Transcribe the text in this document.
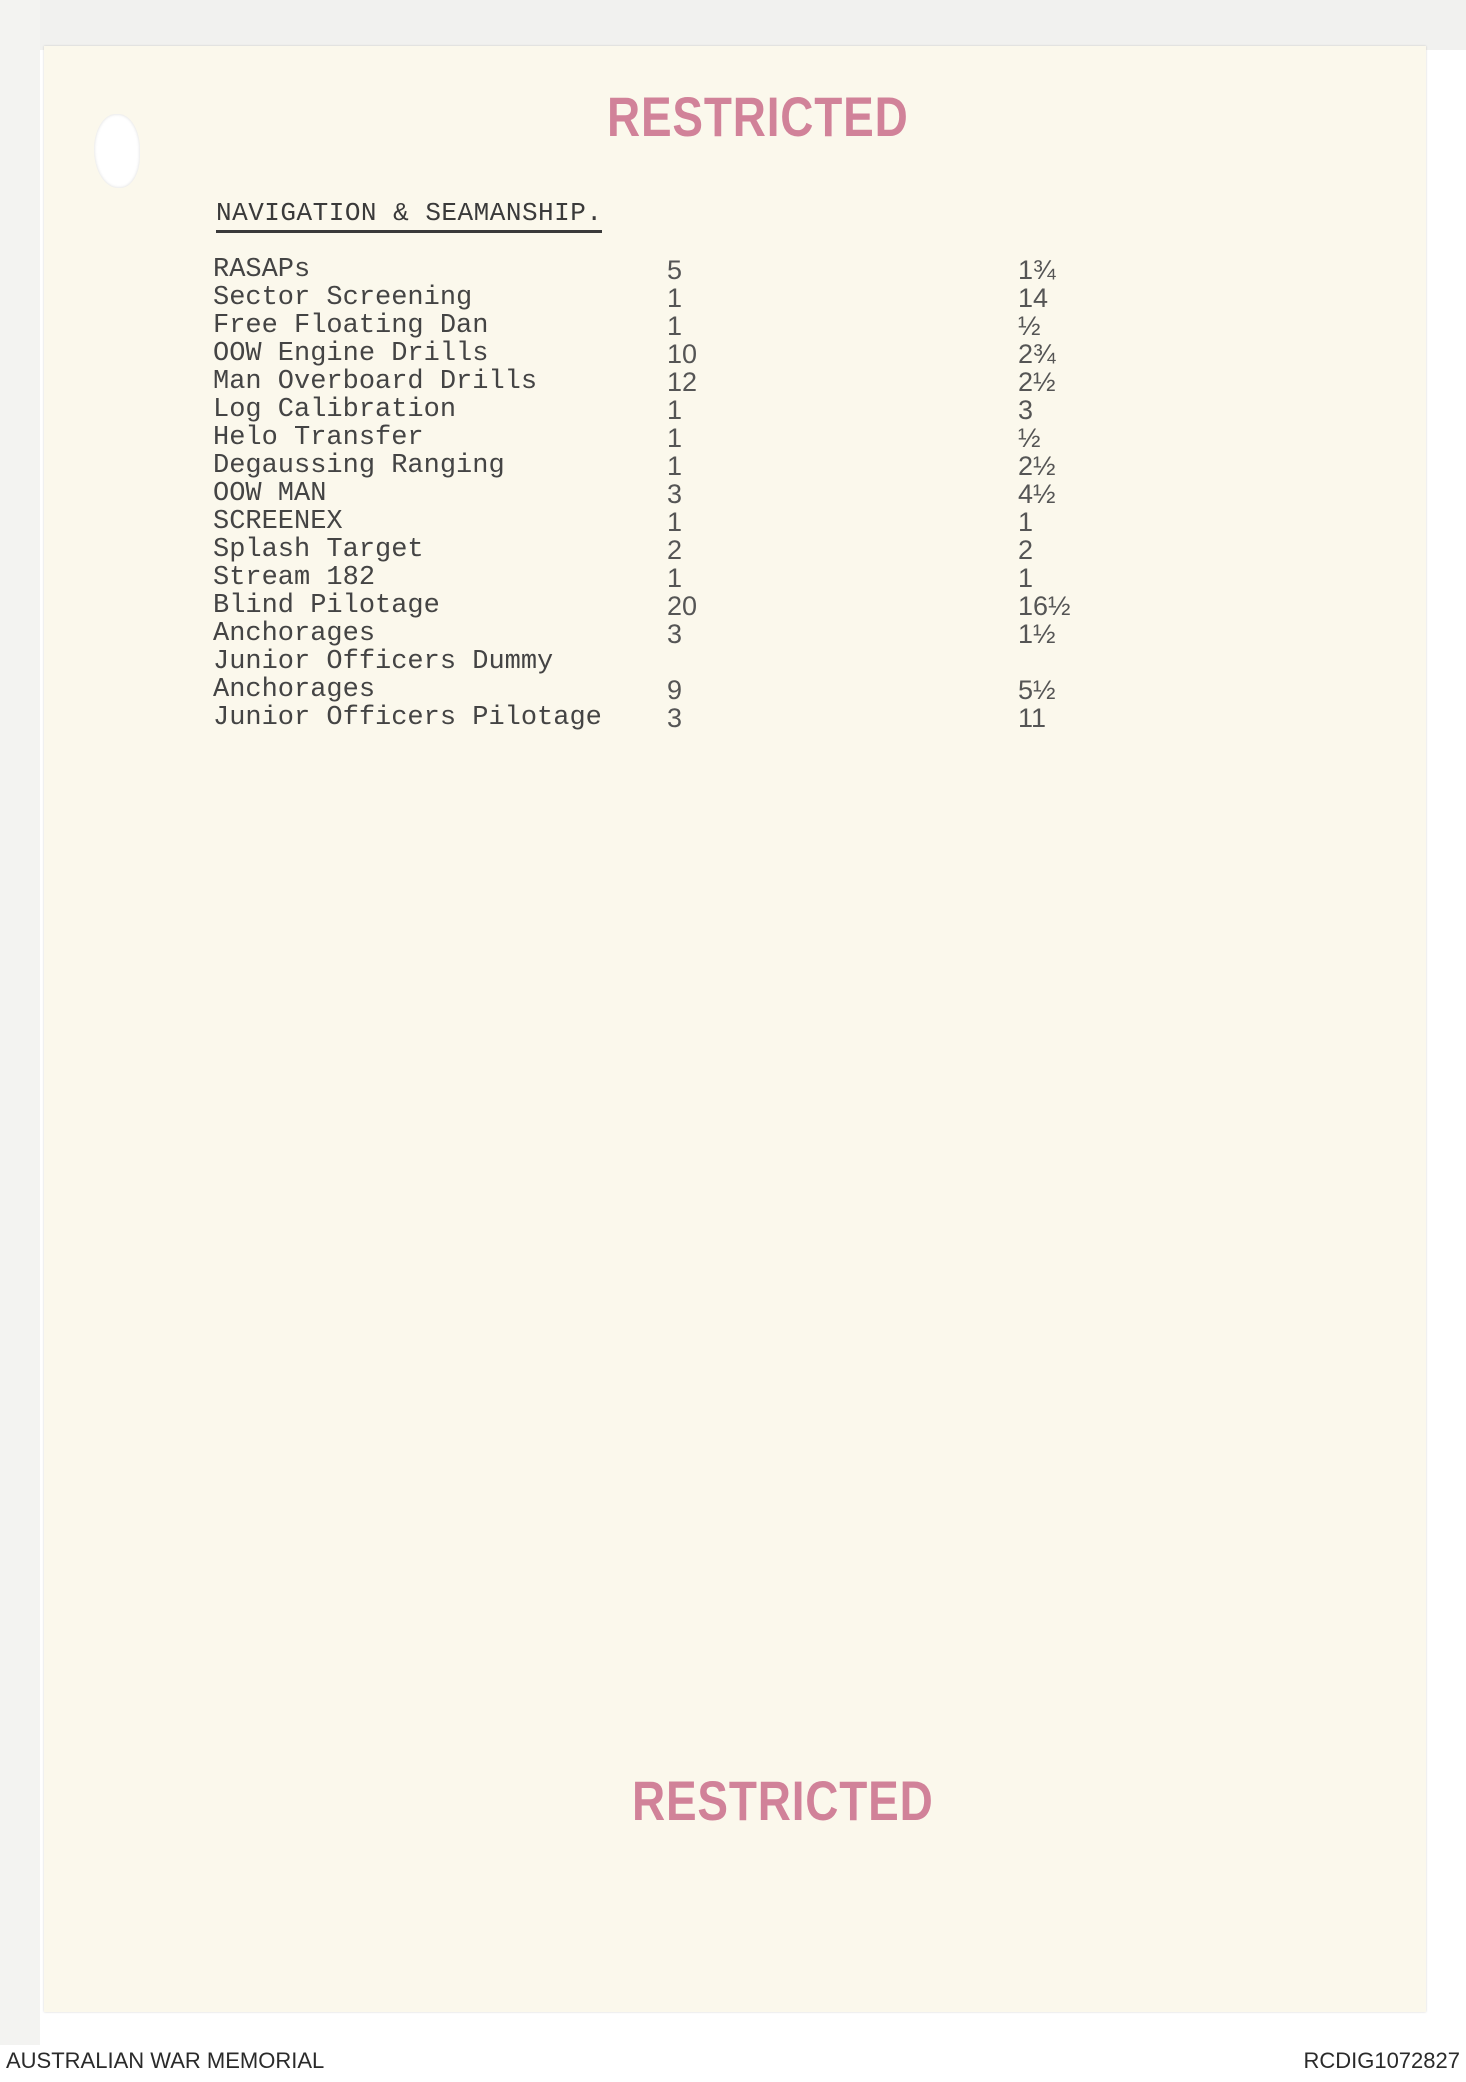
RESTRICTED
NAVIGATION & SEAMANSHIP.
RASAPs	5	1¾
Sector Screening	1	14
Free Floating Dan	1	½
OOW Engine Drills	10	2¾
Man Overboard Drills	12	2½
Log Calibration	1	3
Helo Transfer	1	½
Degaussing Ranging	1	2½
OOW MAN	3	4½
SCREENEX	1	1
Splash Target	2	2
Stream 182	1	1
Blind Pilotage	20	16½
Anchorages	3	1½
Junior Officers Dummy
Anchorages	9	5½
Junior Officers Pilotage 3	11
RESTRICTED
AUSTRALIAN WAR MEMORIAL	RCDIG1072827
